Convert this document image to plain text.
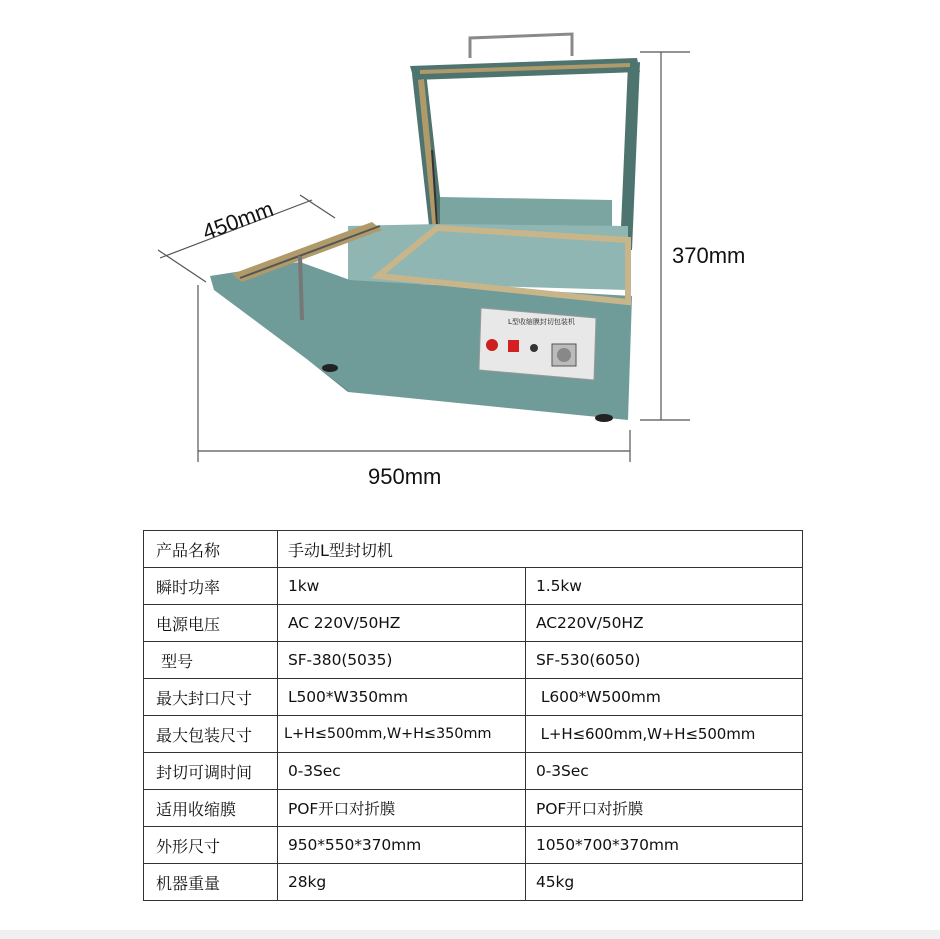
370mm
950mm
450mm
L型收缩膜封切包装机
产品名称	手动L型封切机	
瞬时功率	1kw	1.5kw
电源电压	AC 220V/50HZ	AC220V/50HZ
型号	SF-380(5035)	SF-530(6050)
最大封口尺寸	L500*W350mm	L600*W500mm
最大包装尺寸	L+H≤500mm,W+H≤350mm	L+H≤600mm,W+H≤500mm
封切可调时间	0-3Sec	0-3Sec
适用收缩膜	POF开口对折膜	POF开口对折膜
外形尺寸	950*550*370mm	1050*700*370mm
机器重量	28kg	45kg
